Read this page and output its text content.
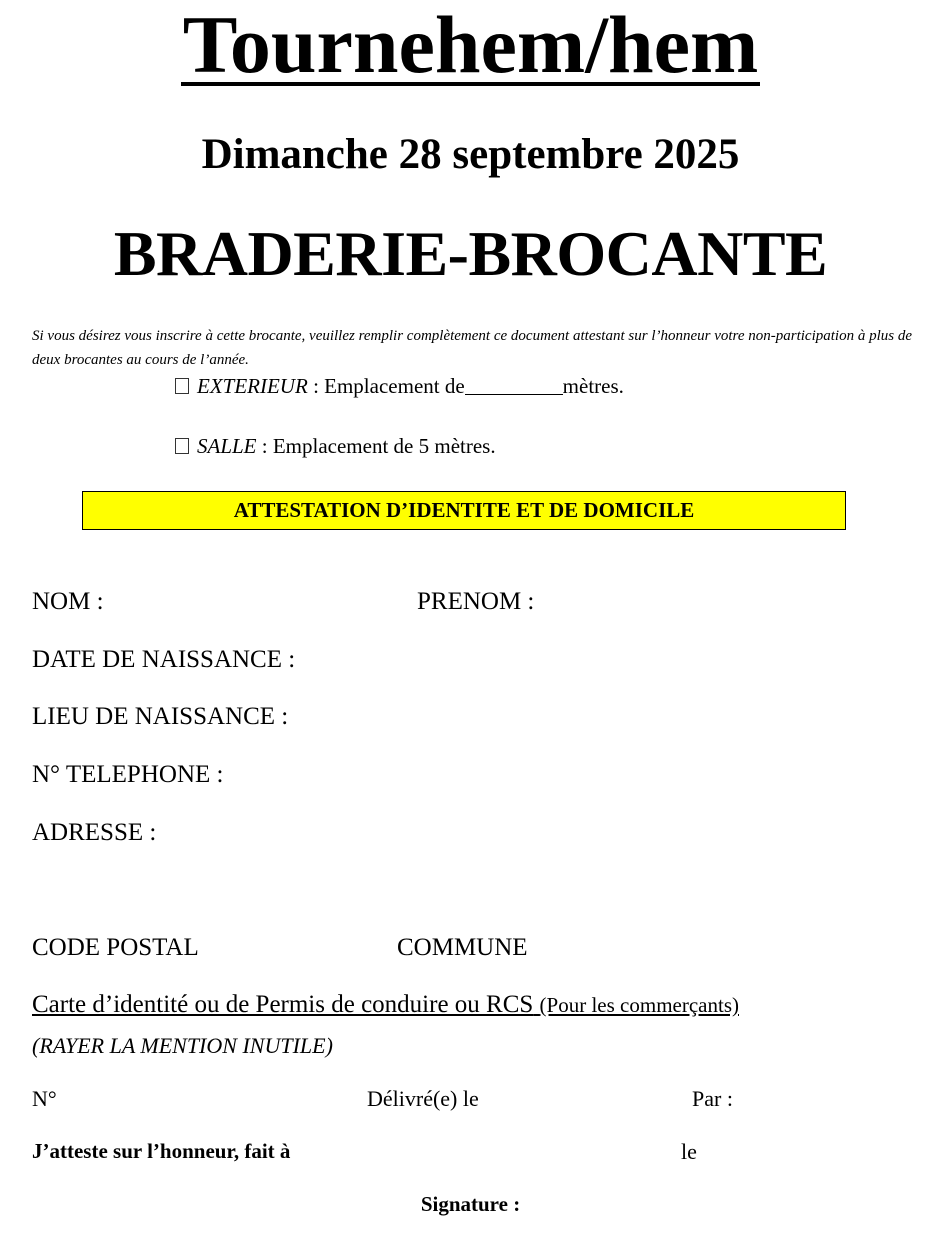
Tournehem/hem
Dimanche 28 septembre 2025
BRADERIE-BROCANTE
Si vous désirez vous inscrire à cette brocante, veuillez remplir complètement ce document attestant sur l’honneur votre non-participation à plus de deux brocantes au cours de l’année.
EXTERIEUR : Emplacement de	mètres.
SALLE : Emplacement de 5 mètres.
ATTESTATION D’IDENTITE ET DE DOMICILE
NOM :	PRENOM :
DATE DE NAISSANCE :
LIEU DE NAISSANCE :
N° TELEPHONE :
ADRESSE :
CODE POSTAL	COMMUNE
Carte d’identité ou de Permis de conduire ou RCS (Pour les commerçants)
(RAYER LA MENTION INUTILE)
N°	Délivré(e) le	Par :
J’atteste sur l’honneur, fait à	le
Signature :
